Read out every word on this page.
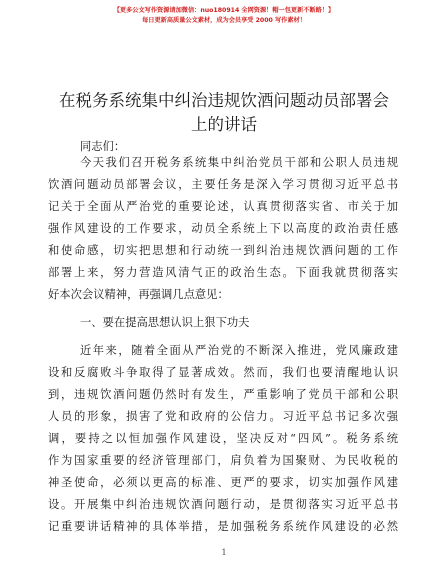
【更多公文写作资源请加微信：nuo180914 全网资源！帽一包更新不断路！】
每日更新高质量公文素材，成为会员享受 2000 写作素材！
在税务系统集中纠治违规饮酒问题动员部署会
上的讲话
同志们：
今天我们召开税务系统集中纠治党员干部和公职人员违规
饮酒问题动员部署会议，主要任务是深入学习贯彻习近平总书
记关于全面从严治党的重要论述，认真贯彻落实省、市关于加
强作风建设的工作要求，动员全系统上下以高度的政治责任感
和使命感，切实把思想和行动统一到纠治违规饮酒问题的工作
部署上来，努力营造风清气正的政治生态。下面我就贯彻落实
好本次会议精神，再强调几点意见：
一、要在提高思想认识上狠下功夫
近年来，随着全面从严治党的不断深入推进，党风廉政建
设和反腐败斗争取得了显著成效。然而，我们也要清醒地认识
到，违规饮酒问题仍然时有发生，严重影响了党员干部和公职
人员的形象，损害了党和政府的公信力。习近平总书记多次强
调，要持之以恒加强作风建设，坚决反对“四风”。税务系统
作为国家重要的经济管理部门，肩负着为国聚财、为民收税的
神圣使命，必须以更高的标准、更严的要求，切实加强作风建
设。开展集中纠治违规饮酒问题行动，是贯彻落实习近平总书
记重要讲话精神的具体举措，是加强税务系统作风建设的必然
1
